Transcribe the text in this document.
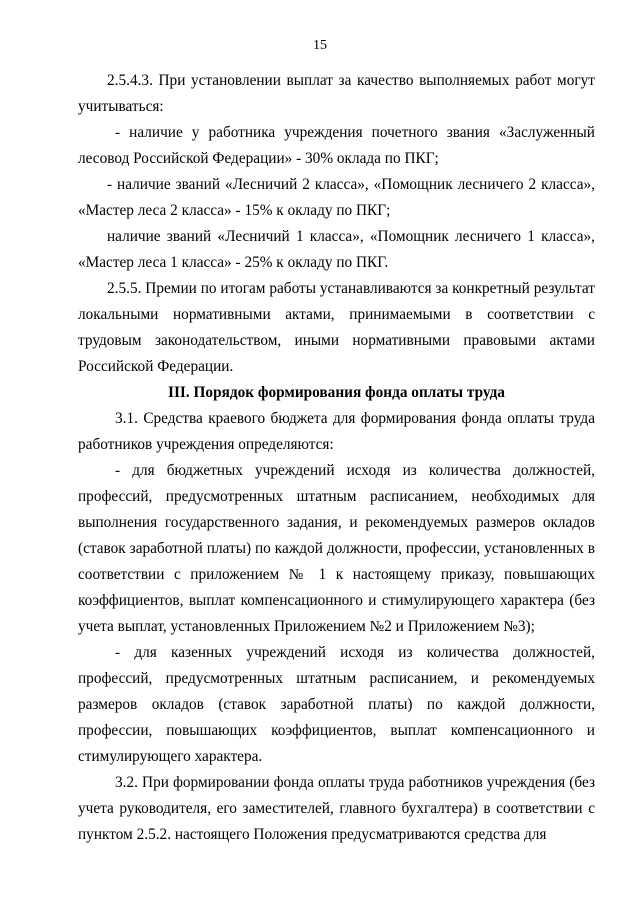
15

2.5.4.3. При установлении выплат за качество выполняемых работ могут учитываться:

- наличие у работника учреждения почетного звания «Заслуженный лесовод Российской Федерации» - 30% оклада по ПКГ;

- наличие званий «Лесничий 2 класса», «Помощник лесничего 2 класса», «Мастер леса 2 класса» - 15% к окладу по ПКГ;

наличие званий «Лесничий 1 класса», «Помощник лесничего 1 класса», «Мастер леса 1 класса» - 25% к окладу по ПКГ.

2.5.5. Премии по итогам работы устанавливаются за конкретный результат локальными нормативными актами, принимаемыми в соответствии с трудовым законодательством, иными нормативными правовыми актами Российской Федерации.

III. Порядок формирования фонда оплаты труда

3.1. Средства краевого бюджета для формирования фонда оплаты труда работников учреждения определяются:

- для бюджетных учреждений исходя из количества должностей, профессий, предусмотренных штатным расписанием, необходимых для выполнения государственного задания, и рекомендуемых размеров окладов (ставок заработной платы) по каждой должности, профессии, установленных в соответствии с приложением № 1 к настоящему приказу, повышающих коэффициентов, выплат компенсационного и стимулирующего характера (без учета выплат, установленных Приложением №2 и Приложением №3);

- для казенных учреждений исходя из количества должностей, профессий, предусмотренных штатным расписанием, и рекомендуемых размеров окладов (ставок заработной платы) по каждой должности, профессии, повышающих коэффициентов, выплат компенсационного и стимулирующего характера.

3.2. При формировании фонда оплаты труда работников учреждения (без учета руководителя, его заместителей, главного бухгалтера) в соответствии с пунктом 2.5.2. настоящего Положения предусматриваются средства для
